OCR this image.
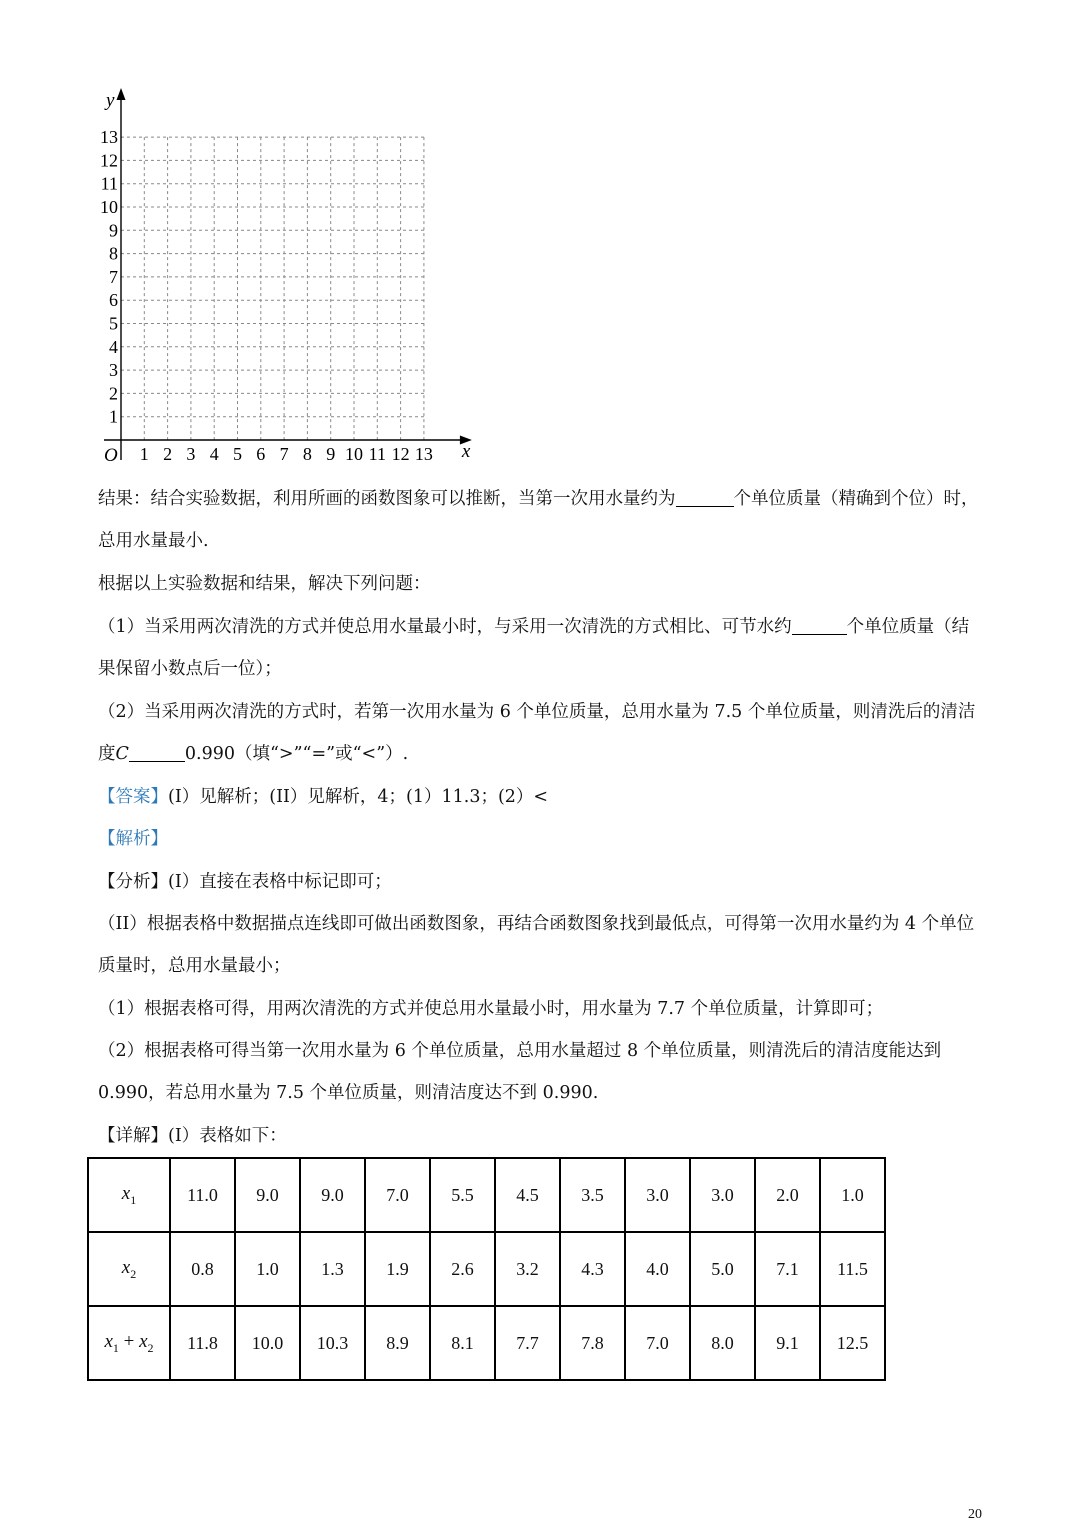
1
1
2
2
3
3
4
4
5
5
6
6
7
7
8
8
9
9
10
10
11
11
12
12
13
13
O	x
y

结果：结合实验数据，利用所画的函数图象可以推断，当第一次用水量约为	个单位质量（精确到个位）时，总用水量最小.

根据以上实验数据和结果，解决下列问题：

（1）当采用两次清洗的方式并使总用水量最小时，与采用一次清洗的方式相比、可节水约	个单位质量（结果保留小数点后一位）；

（2）当采用两次清洗的方式时，若第一次用水量为 6 个单位质量，总用水量为 7.5 个单位质量，则清洗后的清洁度C	0.990（填“>”“=”或“<”）.

【答案】(I）见解析；(II）见解析，4；(1）11.3；(2）<

【解析】

【分析】(I）直接在表格中标记即可；

（II）根据表格中数据描点连线即可做出函数图象，再结合函数图象找到最低点，可得第一次用水量约为 4 个单位质量时，总用水量最小；

（1）根据表格可得，用两次清洗的方式并使总用水量最小时，用水量为 7.7 个单位质量，计算即可；

（2）根据表格可得当第一次用水量为 6 个单位质量，总用水量超过 8 个单位质量，则清洗后的清洁度能达到 0.990，若总用水量为 7.5 个单位质量，则清洁度达不到 0.990.

【详解】(I）表格如下：

$x_1$	11.0	9.0	9.0	7.0	5.5	4.5	3.5	3.0	3.0	2.0	1.0
$x_2$	0.8	1.0	1.3	1.9	2.6	3.2	4.3	4.0	5.0	7.1	11.5
$x_1 + x_2$	11.8	10.0	10.3	8.9	8.1	7.7	7.8	7.0	8.0	9.1	12.5
20
